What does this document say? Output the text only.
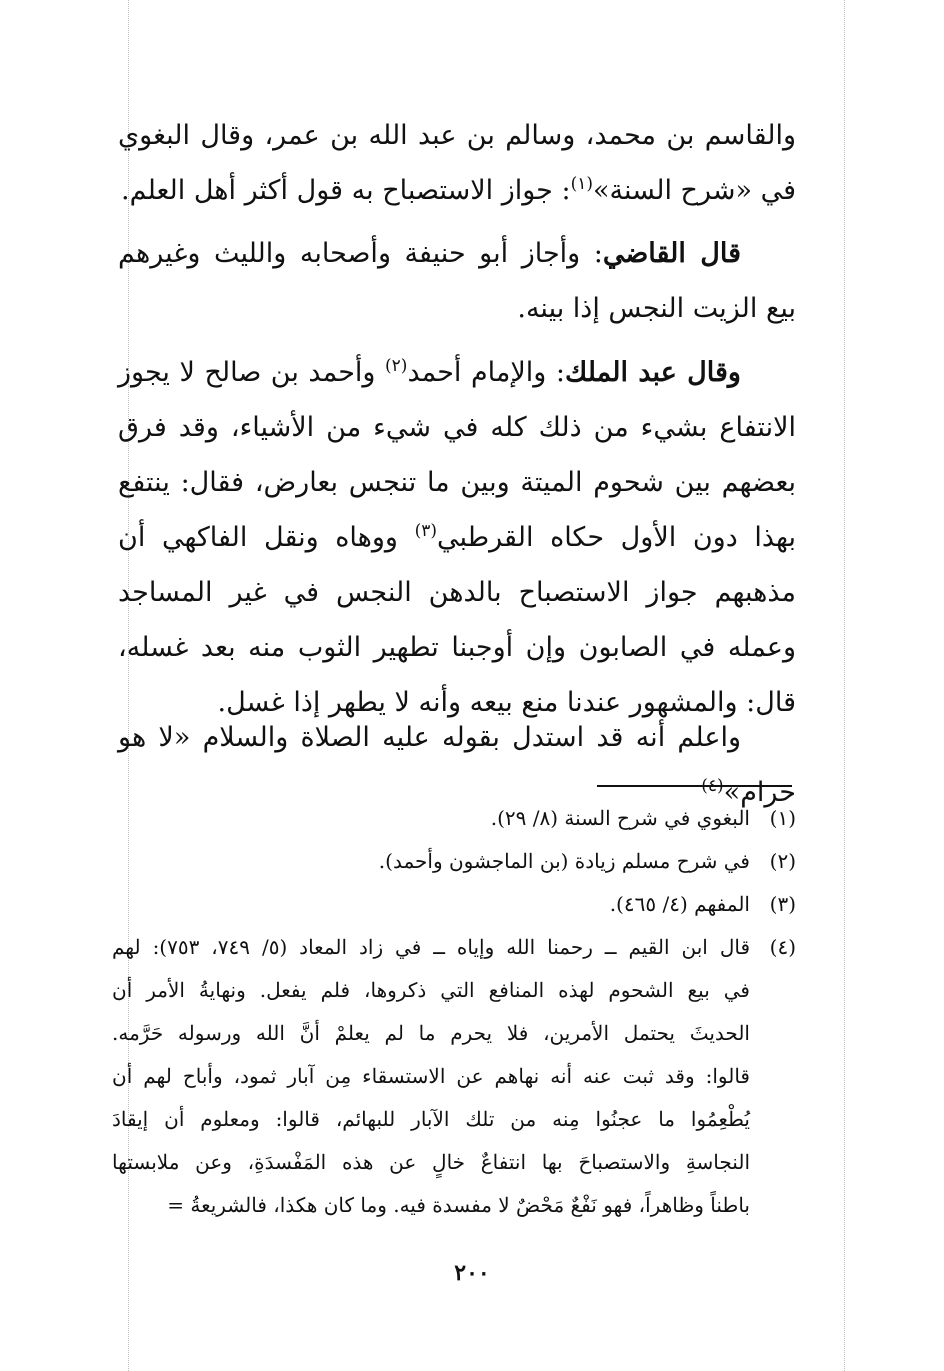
والقاسم بن محمد، وسالم بن عبد الله بن عمر، وقال البغوي في «شرح السنة»$^{(١)}$: جواز الاستصباح به قول أكثر أهل العلم.

قال القاضي: وأجاز أبو حنيفة وأصحابه والليث وغيرهم بيع الزيت النجس إذا بينه.

وقال عبد الملك: والإمام أحمد$^{(٢)}$ وأحمد بن صالح لا يجوز الانتفاع بشيء من ذلك كله في شيء من الأشياء، وقد فرق بعضهم بين شحوم الميتة وبين ما تنجس بعارض، فقال: ينتفع بهذا دون الأول حكاه القرطبي$^{(٣)}$ ووهاه ونقل الفاكهي أن مذهبهم جواز الاستصباح بالدهن النجس في غير المساجد وعمله في الصابون وإن أوجبنا تطهير الثوب منه بعد غسله، قال: والمشهور عندنا منع بيعه وأنه لا يطهر إذا غسل.

واعلم أنه قد استدل بقوله عليه الصلاة والسلام «لا هو حرام»$^{(٤)}$

(١)
البغوي في شرح السنة (٨/ ٢٩).
(٢)
في شرح مسلم زيادة (بن الماجشون وأحمد).
(٣)
المفهم (٤/ ٤٦٥).
(٤)
قال ابن القيم ــ رحمنا الله وإياه ــ في زاد المعاد (٥/ ٧٤٩، ٧٥٣): لهم
في بيع الشحوم لهذه المنافع التي ذكروها، فلم يفعل. ونهايةُ الأمر أن
الحديثَ يحتمل الأمرين، فلا يحرم ما لم يعلمْ أنَّ الله ورسوله حَرَّمه.
قالوا: وقد ثبت عنه أنه نهاهم عن الاستسقاء مِن آبار ثمود، وأباح لهم أن
يُطْعِمُوا ما عجنُوا مِنه من تلك الآبار للبهائم، قالوا: ومعلوم أن إيقادَ
النجاسةِ والاستصباحَ بها انتفاعٌ خالٍ عن هذه المَفْسدَةِ، وعن ملابستها
باطناً وظاهراً، فهو نَفْعٌ مَحْضٌ لا مفسدة فيه. وما كان هكذا، فالشريعةُ =
٢٠٠
